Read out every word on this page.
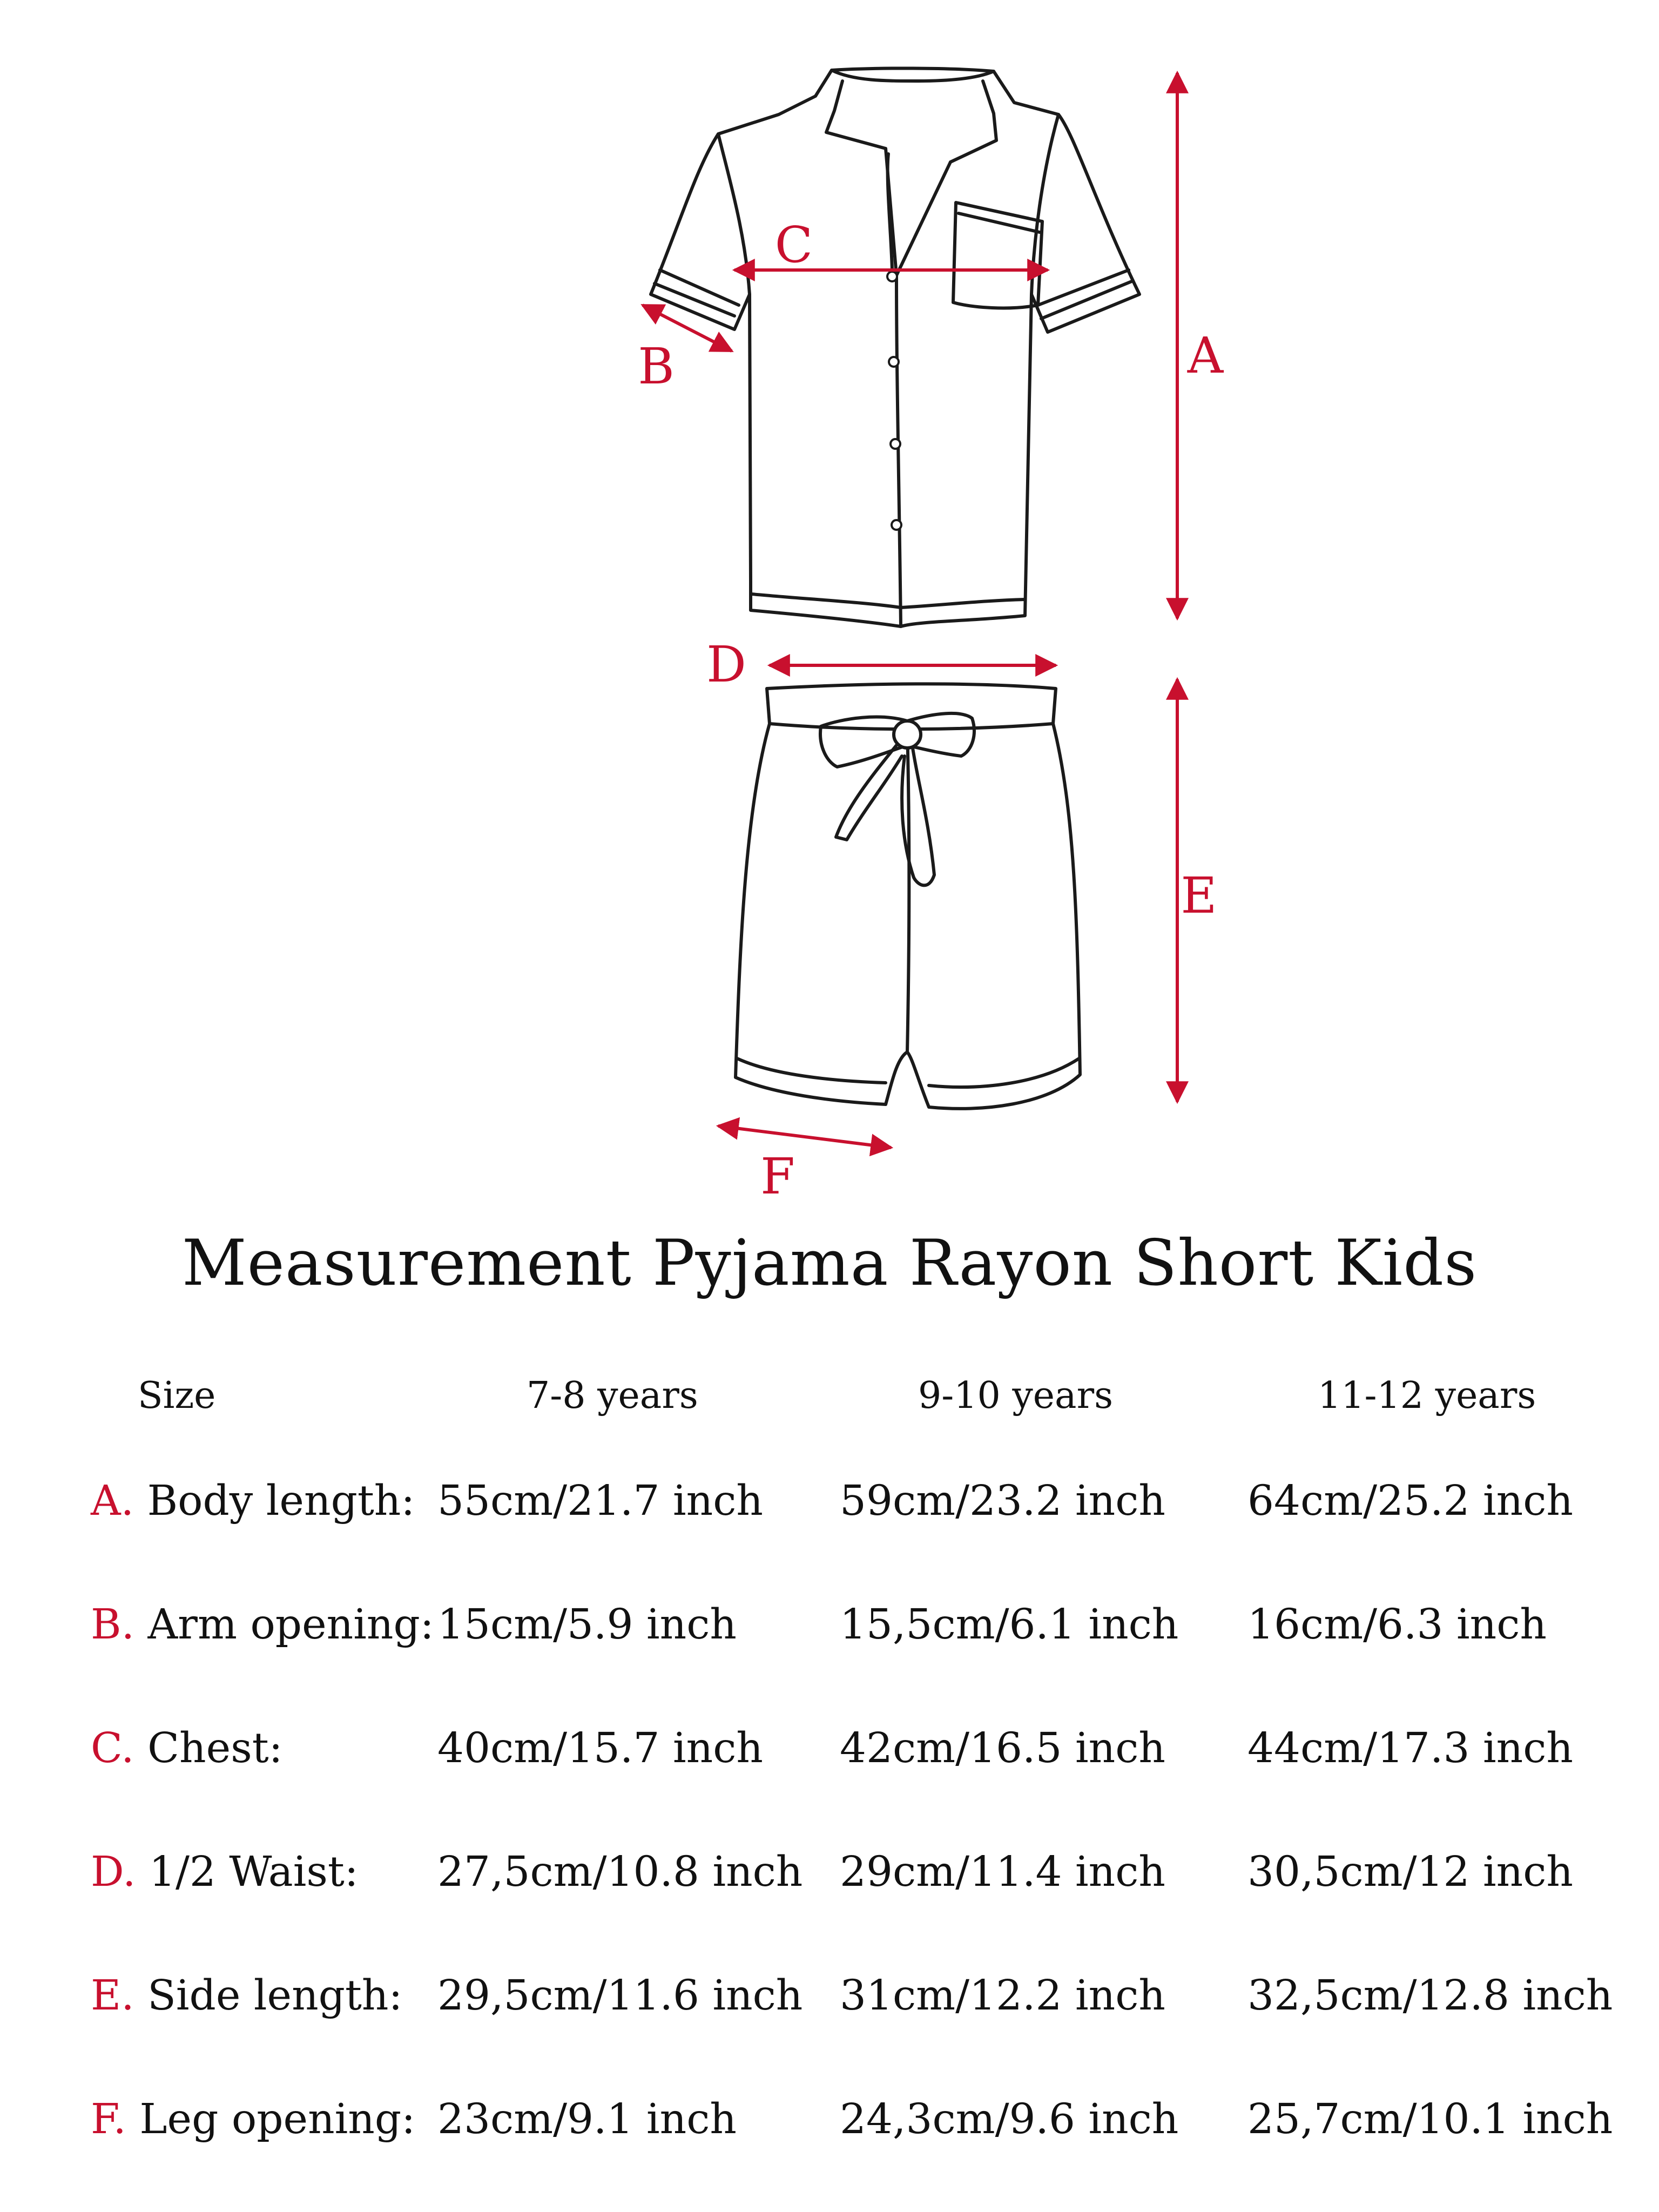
A
B
C
D
E
F
Measurement Pyjama Rayon Short Kids
Size	7-8 years	9-10 years	11-12 years
A. Body length: 55cm/21.7 inch 59cm/23.2 inch 64cm/25.2 inch
B. Arm opening: 15cm/5.9 inch 15,5cm/6.1 inch 16cm/6.3 inch
C. Chest:	40cm/15.7 inch 42cm/16.5 inch 44cm/17.3 inch
D. 1/2 Waist: 27,5cm/10.8 inch 29cm/11.4 inch 30,5cm/12 inch
E. Side length: 29,5cm/11.6 inch 31cm/12.2 inch 32,5cm/12.8 inch
F. Leg opening: 23cm/9.1 inch 24,3cm/9.6 inch 25,7cm/10.1 inch
